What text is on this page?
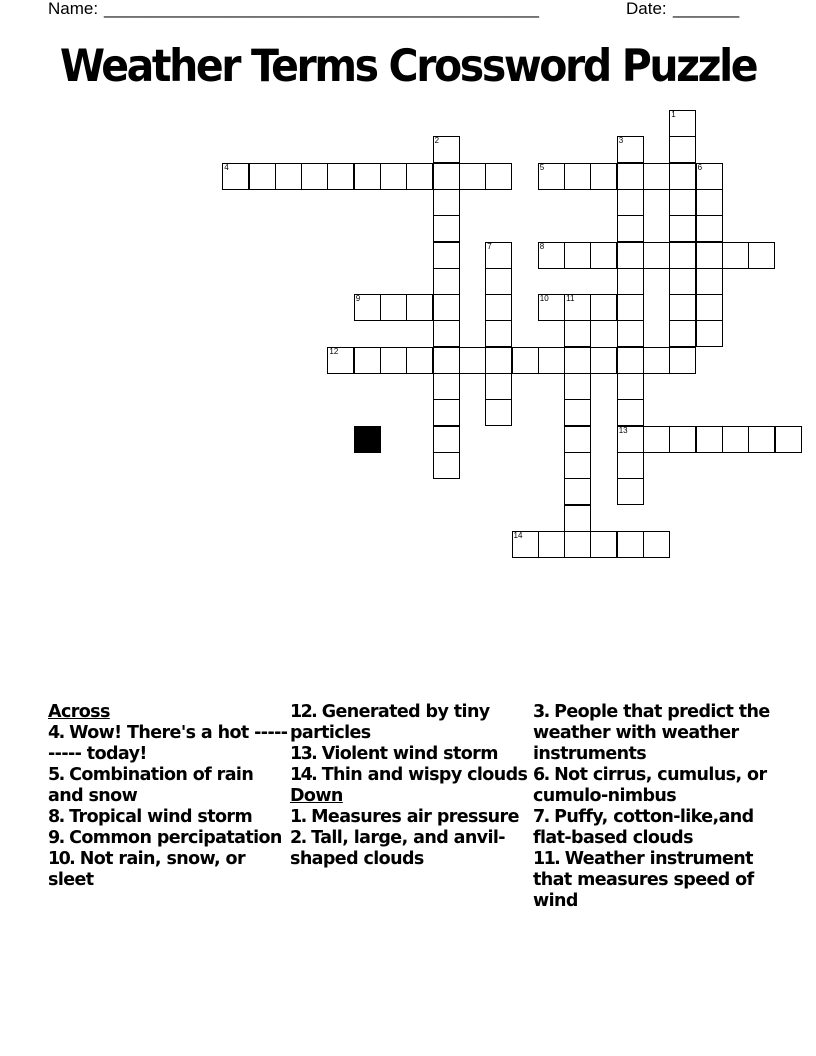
Name: ______________________________________________	Date: _______
Weather Terms Crossword Puzzle
1
2	3
13
4	5	6
7	8
9	10 11
12
14
Across
4. Wow! There's a hot ---------- today!
5. Combination of rain and snow
8. Tropical wind storm
9. Common percipatation
10. Not rain, snow, or sleet
12. Generated by tiny particles
13. Violent wind storm
14. Thin and wispy clouds
Down
1. Measures air pressure
2. Tall, large, and anvil-shaped clouds
3. People that predict the weather with weather instruments
6. Not cirrus, cumulus, or cumulo-nimbus
7. Puffy, cotton-like,and flat-based clouds
11. Weather instrument that measures speed of wind
